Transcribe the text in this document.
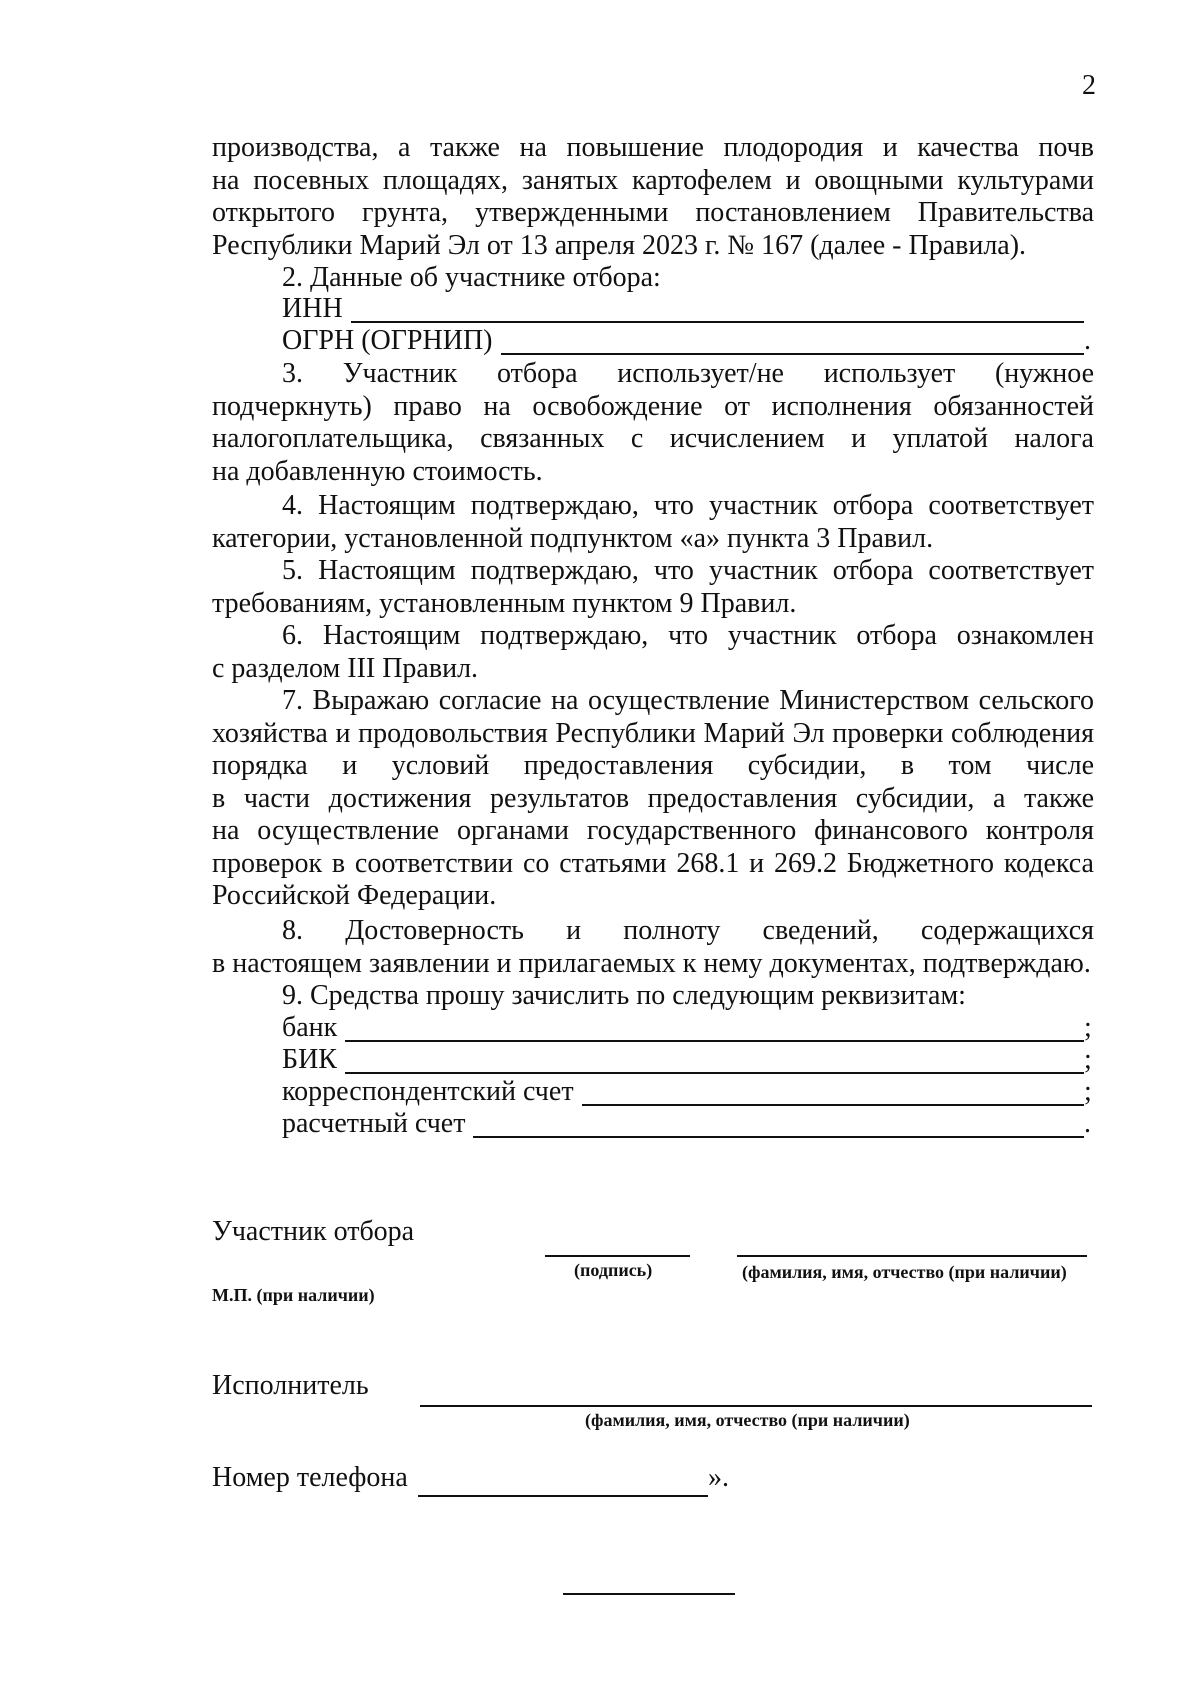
2
производства, а также на повышение плодородия и качества почв
на посевных площадях, занятых картофелем и овощными культурами
открытого грунта, утвержденными постановлением Правительства
Республики Марий Эл от 13 апреля 2023 г. № 167 (далее - Правила).
2. Данные об участнике отбора:
ИНН
ОГРН (ОГРНИП)	.
3. Участник отбора использует/не использует (нужное
подчеркнуть) право на освобождение от исполнения обязанностей
налогоплательщика, связанных с исчислением и уплатой налога
на добавленную стоимость.
4. Настоящим подтверждаю, что участник отбора соответствует
категории, установленной подпунктом «а» пункта 3 Правил.
5. Настоящим подтверждаю, что участник отбора соответствует
требованиям, установленным пунктом 9 Правил.
6. Настоящим подтверждаю, что участник отбора ознакомлен
с разделом III Правил.
7. Выражаю согласие на осуществление Министерством сельского
хозяйства и продовольствия Республики Марий Эл проверки соблюдения
порядка и условий предоставления субсидии, в том числе
в части достижения результатов предоставления субсидии, а также
на осуществление органами государственного финансового контроля
проверок в соответствии со статьями 268.1 и 269.2 Бюджетного кодекса
Российской Федерации.
8. Достоверность и полноту сведений, содержащихся
в настоящем заявлении и прилагаемых к нему документах, подтверждаю.
9. Средства прошу зачислить по следующим реквизитам:
банк	;
БИК	;
корреспондентский счет	;
расчетный счет	.
Участник отбора
(подпись)	(фамилия, имя, отчество (при наличии)
М.П. (при наличии)
Исполнитель
(фамилия, имя, отчество (при наличии)
Номер телефона	».
